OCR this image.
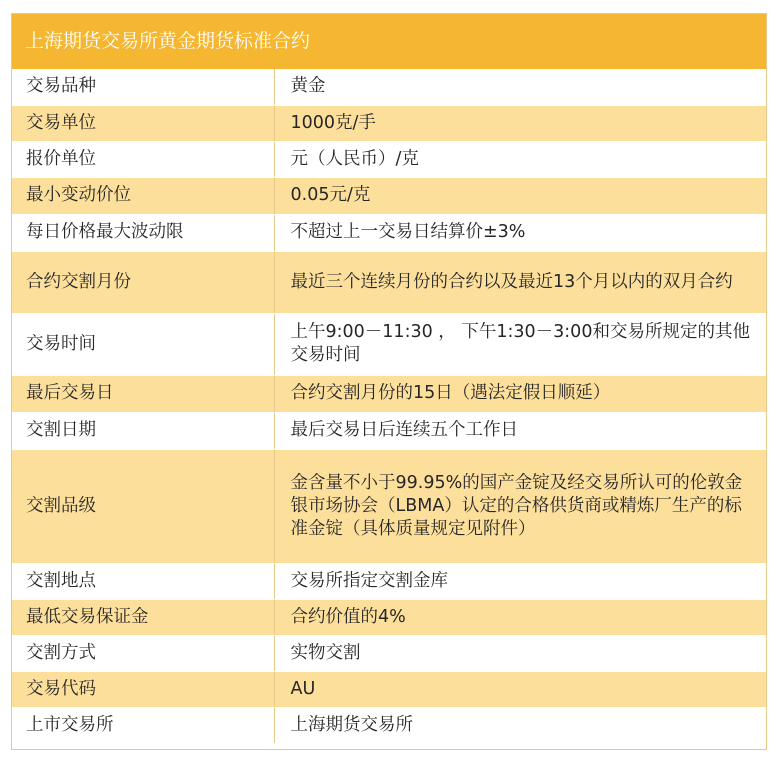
上海期货交易所黄金期货标准合约
交易品种	黄金
交易单位	1000克/手
报价单位	元（人民币）/克
最小变动价位	0.05元/克
每日价格最大波动限	不超过上一交易日结算价±3%
合约交割月份	最近三个连续月份的合约以及最近13个月以内的双月合约
交易时间	上午9:00－11:30 ， 下午1:30－3:00和交易所规定的其他交易时间
最后交易日	合约交割月份的15日（遇法定假日顺延）
交割日期	最后交易日后连续五个工作日
交割品级	金含量不小于99.95%的国产金锭及经交易所认可的伦敦金银市场协会（LBMA）认定的合格供货商或精炼厂生产的标准金锭（具体质量规定见附件）
交割地点	交易所指定交割金库
最低交易保证金	合约价值的4%
交割方式	实物交割
交易代码	AU
上市交易所	上海期货交易所
